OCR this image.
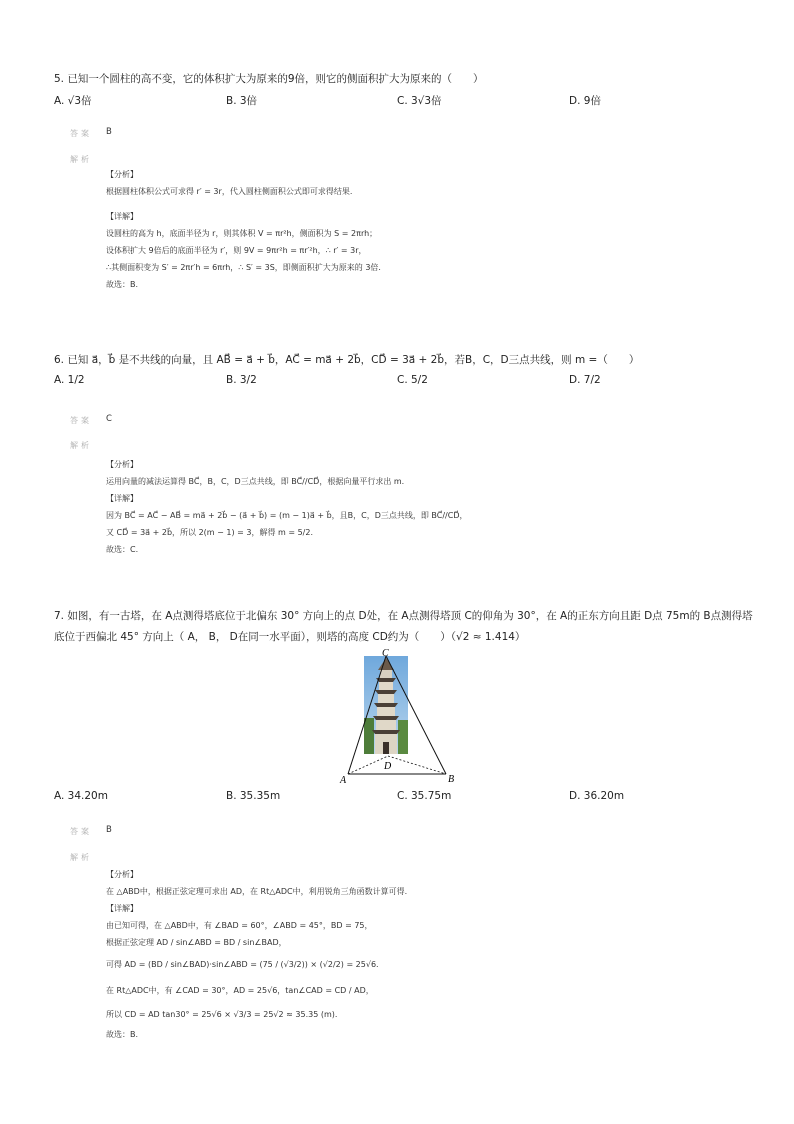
5. 已知一个圆柱的高不变，它的体积扩大为原来的9倍，则它的侧面积扩大为原来的（　　）
A. √3倍	B. 3倍	C. 3√3倍	D. 9倍
答案 B
解析
【分析】
根据圆柱体积公式可求得 r′ = 3r，代入圆柱侧面积公式即可求得结果.
【详解】
设圆柱的高为 h，底面半径为 r，则其体积 V = πr²h，侧面积为 S = 2πrh；
设体积扩大 9倍后的底面半径为 r′，则 9V = 9πr²h = πr′²h，∴ r′ = 3r，
∴其侧面积变为 S′ = 2πr′h = 6πrh，∴ S′ = 3S，即侧面积扩大为原来的 3倍.
故选：B.
6. 已知 a⃗，b⃗ 是不共线的向量，且 AB⃗ = a⃗ + b⃗，AC⃗ = ma⃗ + 2b⃗，CD⃗ = 3a⃗ + 2b⃗，若B，C，D三点共线，则 m =（　　）
A. 1/2	B. 3/2	C. 5/2	D. 7/2
答案 C
解析
【分析】
运用向量的减法运算得 BC⃗，B，C，D三点共线，即 BC⃗//CD⃗，根据向量平行求出 m.
【详解】
因为 BC⃗ = AC⃗ − AB⃗ = ma⃗ + 2b⃗ − (a⃗ + b⃗) = (m − 1)a⃗ + b⃗，且B，C，D三点共线，即 BC⃗//CD⃗，
又 CD⃗ = 3a⃗ + 2b⃗，所以 2(m − 1) = 3，解得 m = 5/2.
故选：C.
7. 如图，有一古塔，在 A点测得塔底位于北偏东 30° 方向上的点 D处，在 A点测得塔顶 C的仰角为 30°，在 A的正东方向且距 D点 75m的 B点测得塔
底位于西偏北 45° 方向上（ A， B， D在同一水平面），则塔的高度 CD约为（　　）（√2 ≈ 1.414）
C
D
A	B
A. 34.20m	B. 35.35m	C. 35.75m	D. 36.20m
答案 B
解析
【分析】
在 △ABD中，根据正弦定理可求出 AD，在 Rt△ADC中，利用锐角三角函数计算可得.
【详解】
由已知可得，在 △ABD中，有 ∠BAD = 60°，∠ABD = 45°，BD = 75，
根据正弦定理 AD / sin∠ABD = BD / sin∠BAD，
可得 AD = (BD / sin∠BAD)·sin∠ABD = (75 / (√3/2)) × (√2/2) = 25√6.
在 Rt△ADC中，有 ∠CAD = 30°，AD = 25√6，tan∠CAD = CD / AD，
所以 CD = AD tan30° = 25√6 × √3/3 = 25√2 ≈ 35.35 (m).
故选：B.
